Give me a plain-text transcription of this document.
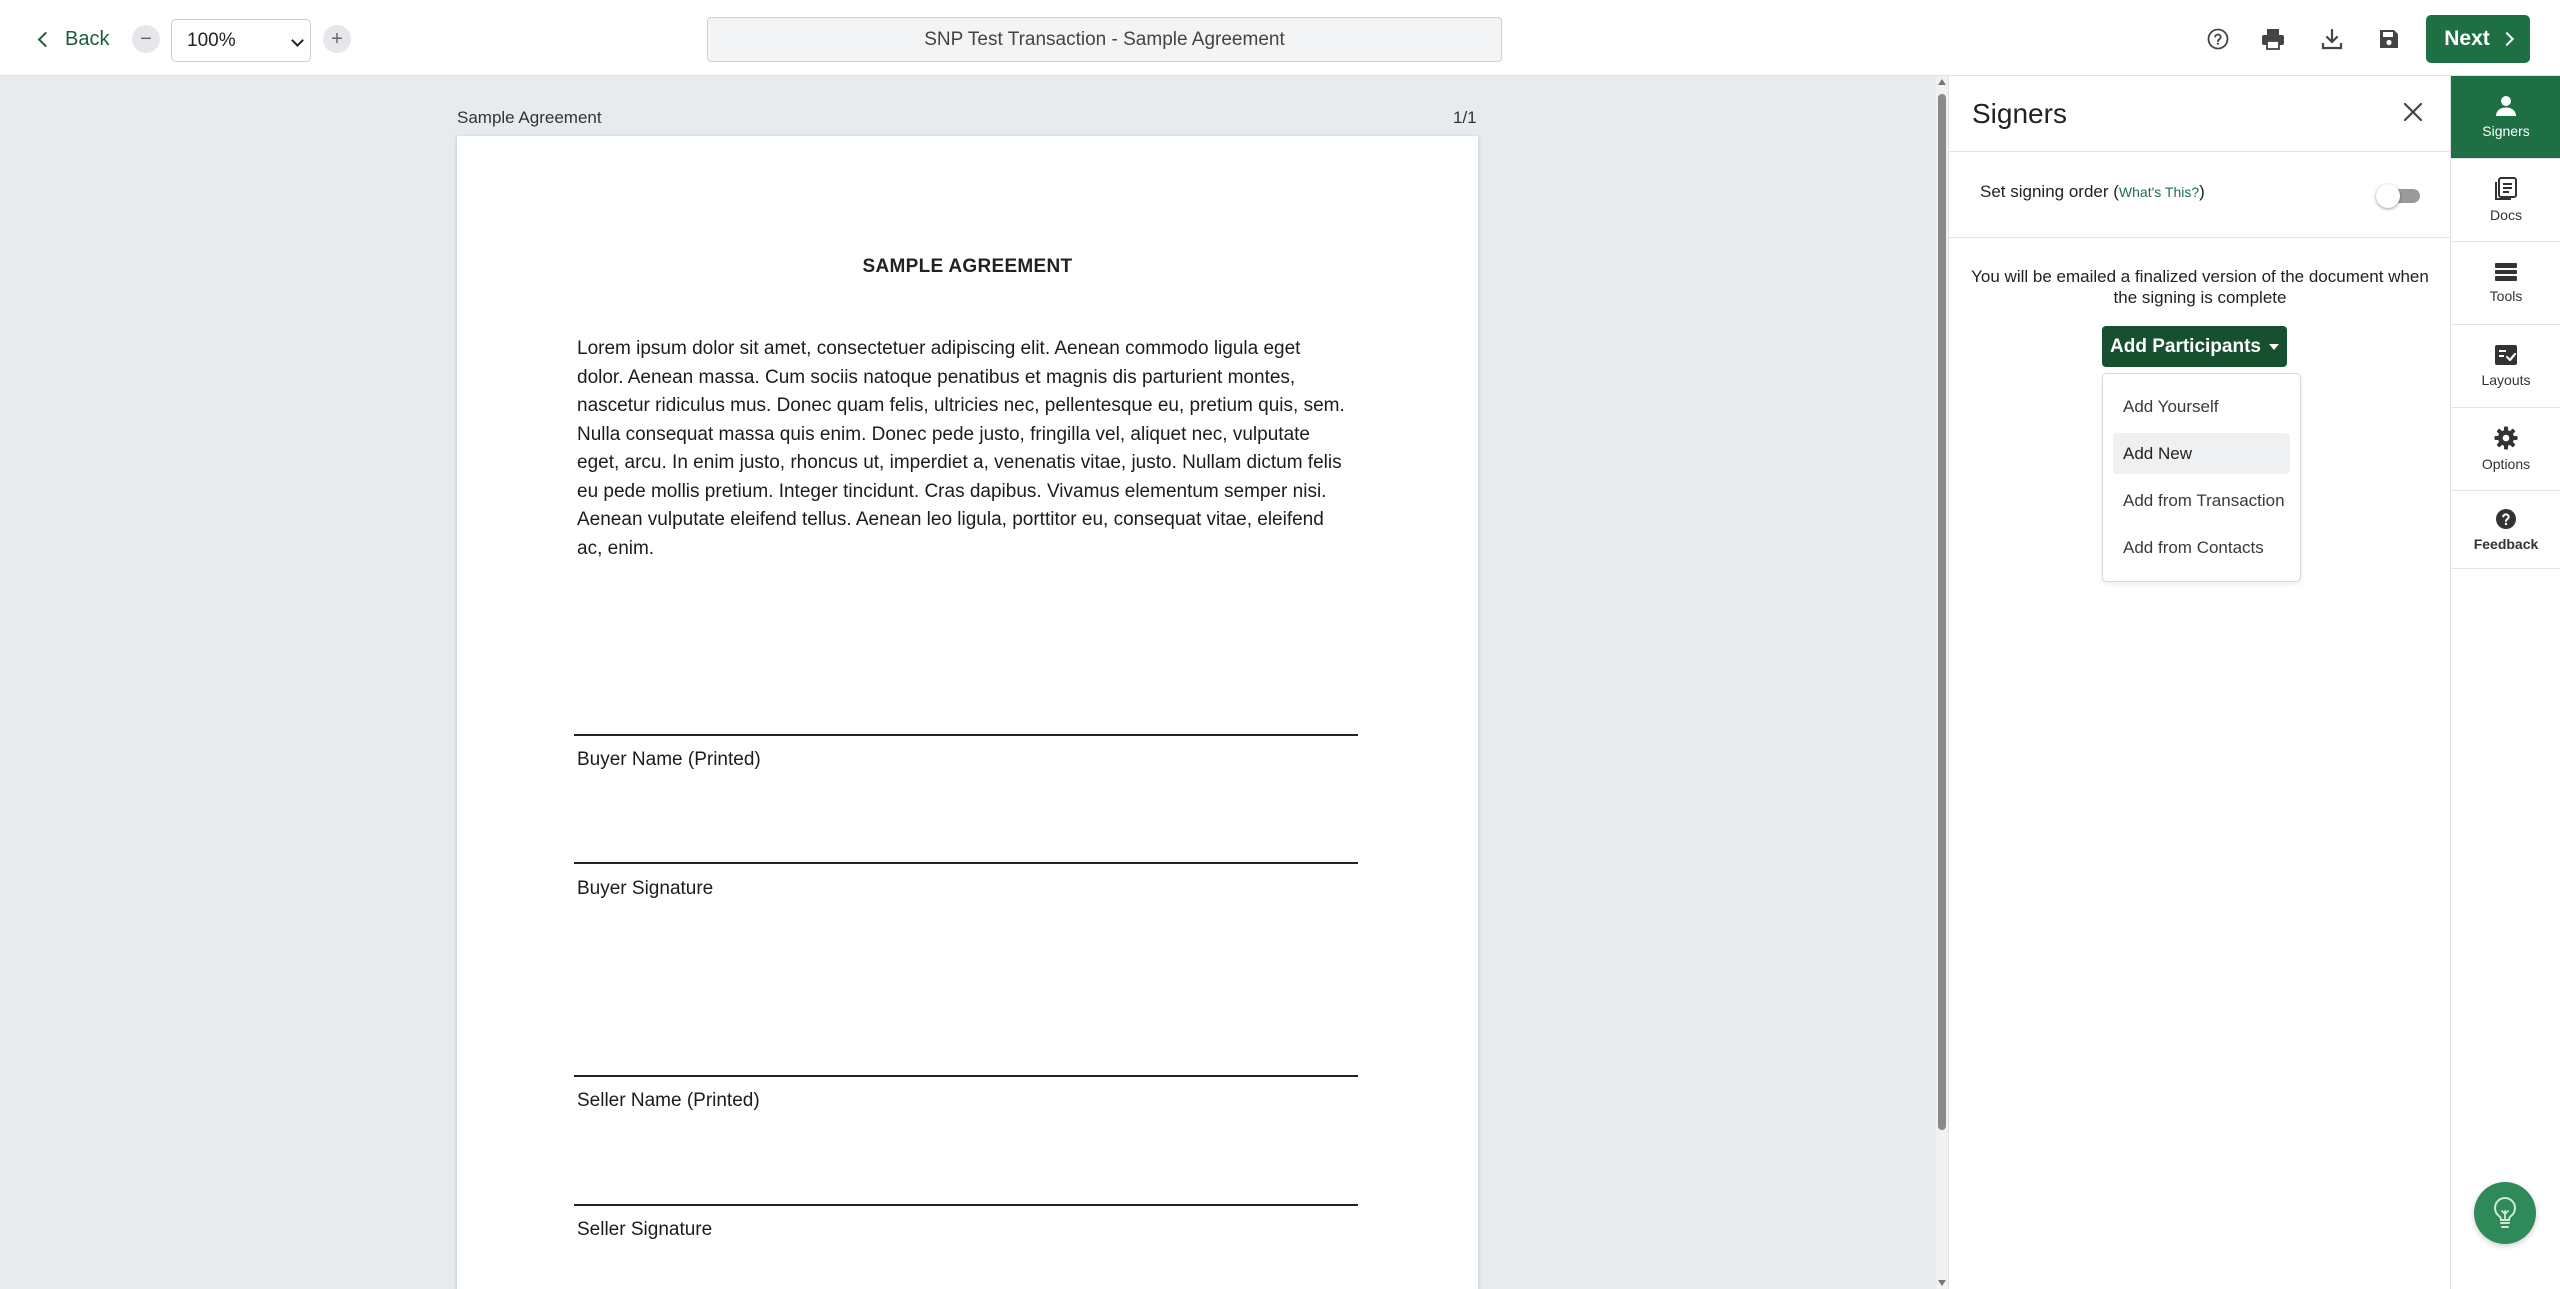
Back − 100%	+	SNP Test Transaction - Sample Agreement	Next
Sample Agreement	1/1
SAMPLE AGREEMENT
Lorem ipsum dolor sit amet, consectetuer adipiscing elit. Aenean commodo ligula eget dolor. Aenean massa. Cum sociis natoque penatibus et magnis dis parturient montes, nascetur ridiculus mus. Donec quam felis, ultricies nec, pellentesque eu, pretium quis, sem. Nulla consequat massa quis enim. Donec pede justo, fringilla vel, aliquet nec, vulputate eget, arcu. In enim justo, rhoncus ut, imperdiet a, venenatis vitae, justo. Nullam dictum felis eu pede mollis pretium. Integer tincidunt. Cras dapibus. Vivamus elementum semper nisi. Aenean vulputate eleifend tellus. Aenean leo ligula, porttitor eu, consequat vitae, eleifend ac, enim.
Buyer Name (Printed)
Buyer Signature
Seller Name (Printed)
Seller Signature
Signers
Set signing order (What's This?)
You will be emailed a finalized version of the document when the signing is complete
Add Participants
Add Yourself
Add New
Add from Transaction
Add from Contacts
Signers
Docs
Tools
Layouts
Options
Feedback
